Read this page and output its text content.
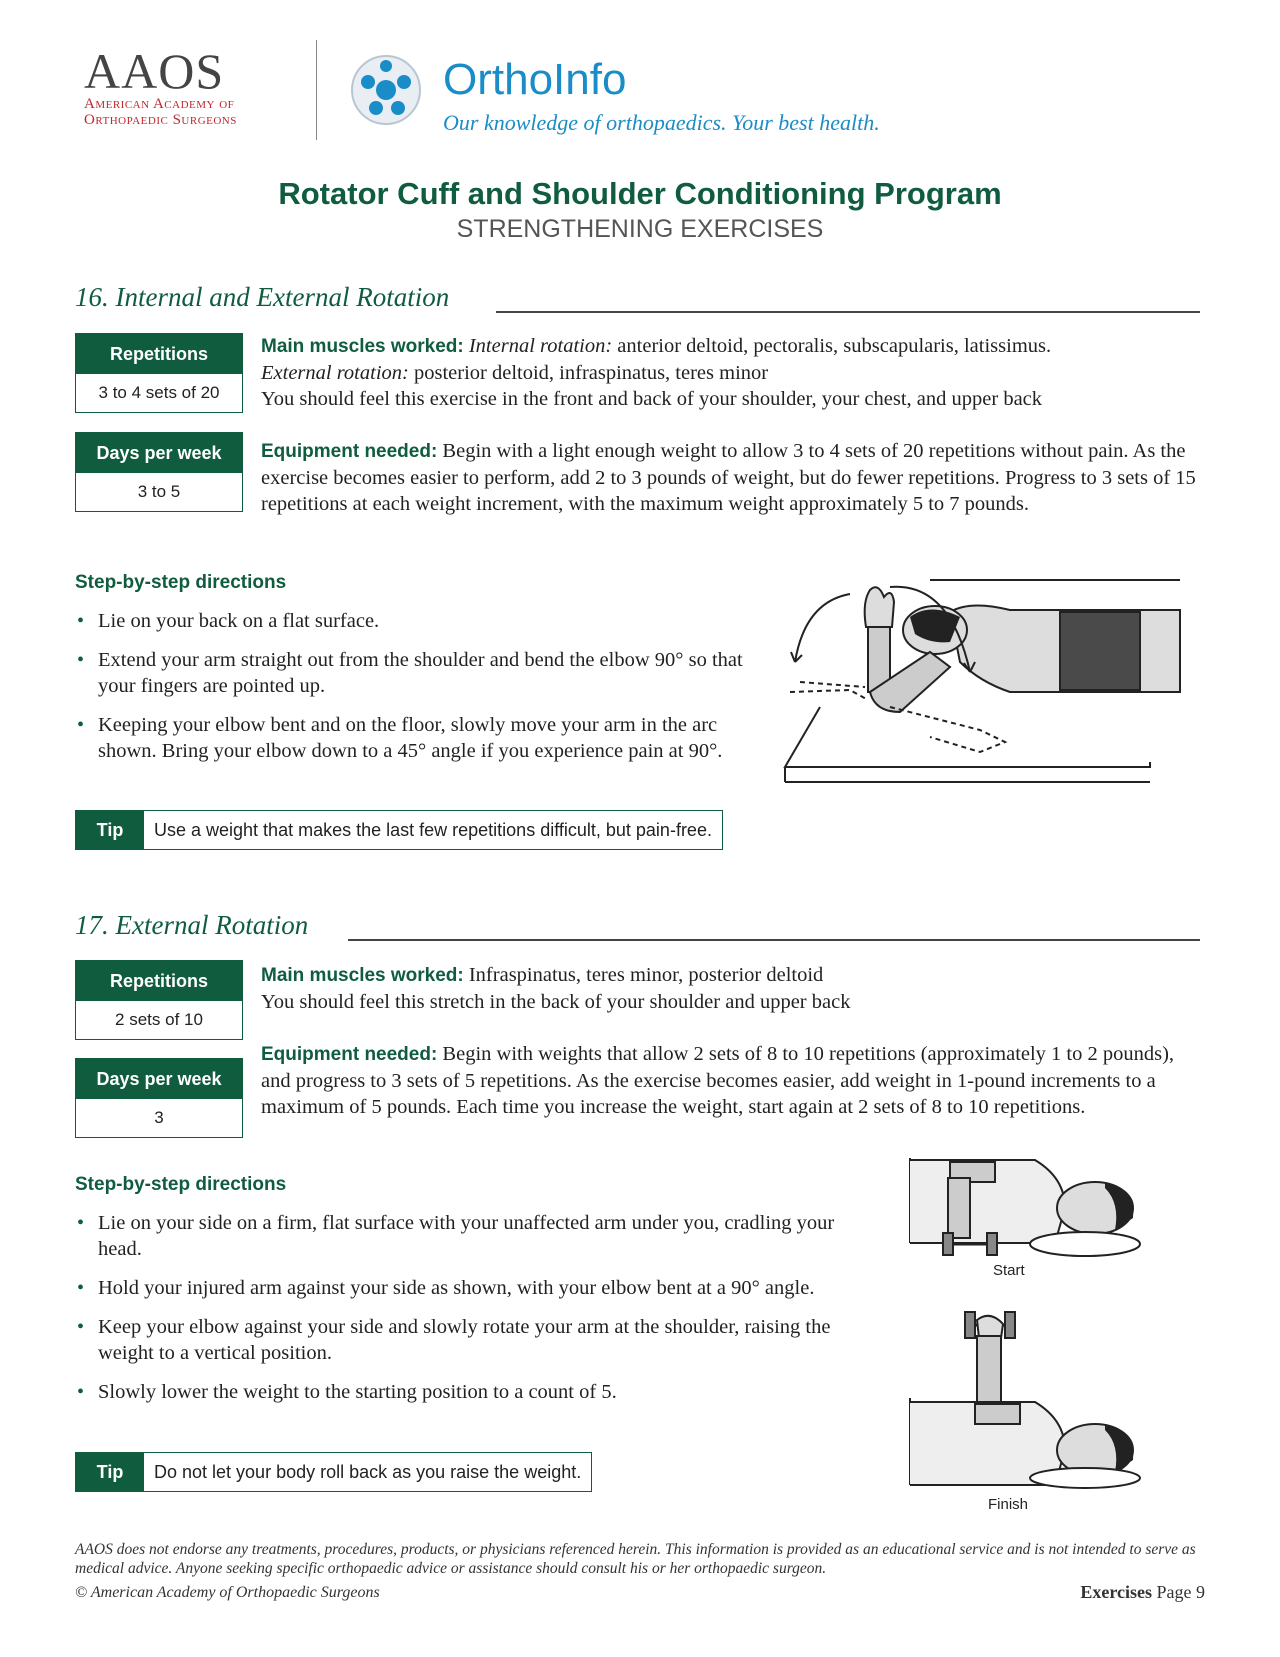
AAOS
American Academy of
Orthopaedic Surgeons
OrthoInfo
Our knowledge of orthopaedics. Your best health.
Rotator Cuff and Shoulder Conditioning Program
STRENGTHENING EXERCISES
16. Internal and External Rotation
Repetitions
3 to 4 sets of 20
Days per week
3 to 5
Main muscles worked: Internal rotation: anterior deltoid, pectoralis, subscapularis, latissimus.
External rotation: posterior deltoid, infraspinatus, teres minor
You should feel this exercise in the front and back of your shoulder, your chest, and upper back
Equipment needed: Begin with a light enough weight to allow 3 to 4 sets of 20 repetitions without pain. As the exercise becomes easier to perform, add 2 to 3 pounds of weight, but do fewer repetitions. Progress to 3 sets of 15 repetitions at each weight increment, with the maximum weight approximately 5 to 7 pounds.
Step-by-step directions
• Lie on your back on a flat surface.
• Extend your arm straight out from the shoulder and bend the elbow 90° so that your fingers are pointed up.
• Keeping your elbow bent and on the floor, slowly move your arm in the arc shown. Bring your elbow down to a 45° angle if you experience pain at 90°.
Tip	Use a weight that makes the last few repetitions difficult, but pain-free.
17. External Rotation
Repetitions
2 sets of 10
Days per week
3
Main muscles worked: Infraspinatus, teres minor, posterior deltoid
You should feel this stretch in the back of your shoulder and upper back
Equipment needed: Begin with weights that allow 2 sets of 8 to 10 repetitions (approximately 1 to 2 pounds), and progress to 3 sets of 5 repetitions. As the exercise becomes easier, add weight in 1-pound increments to a maximum of 5 pounds. Each time you increase the weight, start again at 2 sets of 8 to 10 repetitions.
Step-by-step directions
• Lie on your side on a firm, flat surface with your unaffected arm under you, cradling your head.
• Hold your injured arm against your side as shown, with your elbow bent at a 90° angle.
• Keep your elbow against your side and slowly rotate your arm at the shoulder, raising the weight to a vertical position.
• Slowly lower the weight to the starting position to a count of 5.
Tip	Do not let your body roll back as you raise the weight.
Start
Finish
AAOS does not endorse any treatments, procedures, products, or physicians referenced herein. This information is provided as an educational service and is not intended to serve as medical advice. Anyone seeking specific orthopaedic advice or assistance should consult his or her orthopaedic surgeon.
© American Academy of Orthopaedic Surgeons	Exercises Page 9
